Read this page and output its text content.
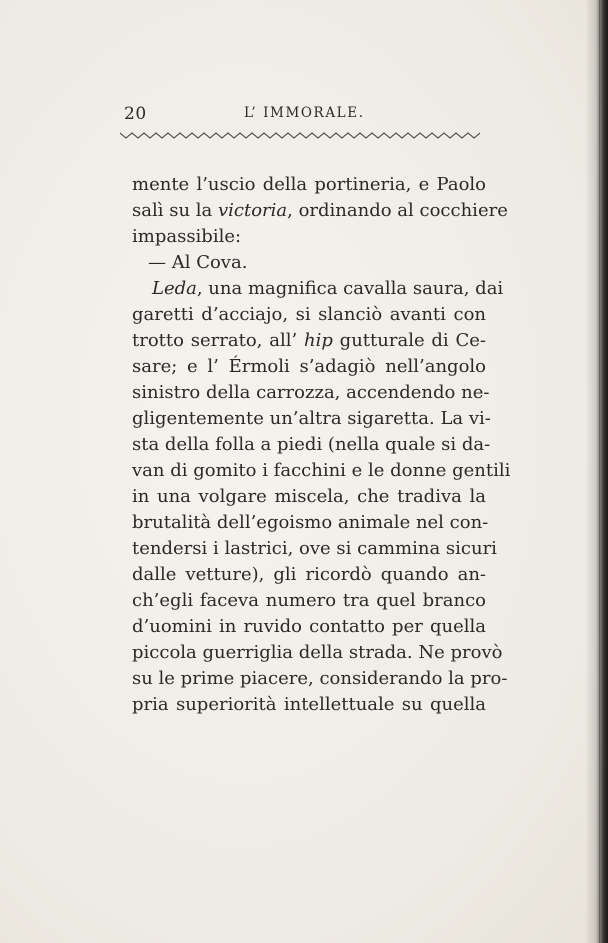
20	L’ IMMORALE.
mente l’uscio della portineria, e Paolo
salì su la victoria, ordinando al cocchiere
impassibile:
— Al Cova.
Leda, una magnifica cavalla saura, dai
garetti d’acciajo, si slanciò avanti con
trotto serrato, all’ hip gutturale di Ce-
sare; e l’ Érmoli s’adagiò nell’angolo
sinistro della carrozza, accendendo ne-
gligentemente un’altra sigaretta. La vi-
sta della folla a piedi (nella quale si da-
van di gomito i facchini e le donne gentili
in una volgare miscela, che tradiva la
brutalità dell’egoismo animale nel con-
tendersi i lastrici, ove si cammina sicuri
dalle vetture), gli ricordò quando an-
ch’egli faceva numero tra quel branco
d’uomini in ruvido contatto per quella
piccola guerriglia della strada. Ne provò
su le prime piacere, considerando la pro-
pria superiorità intellettuale su quella
